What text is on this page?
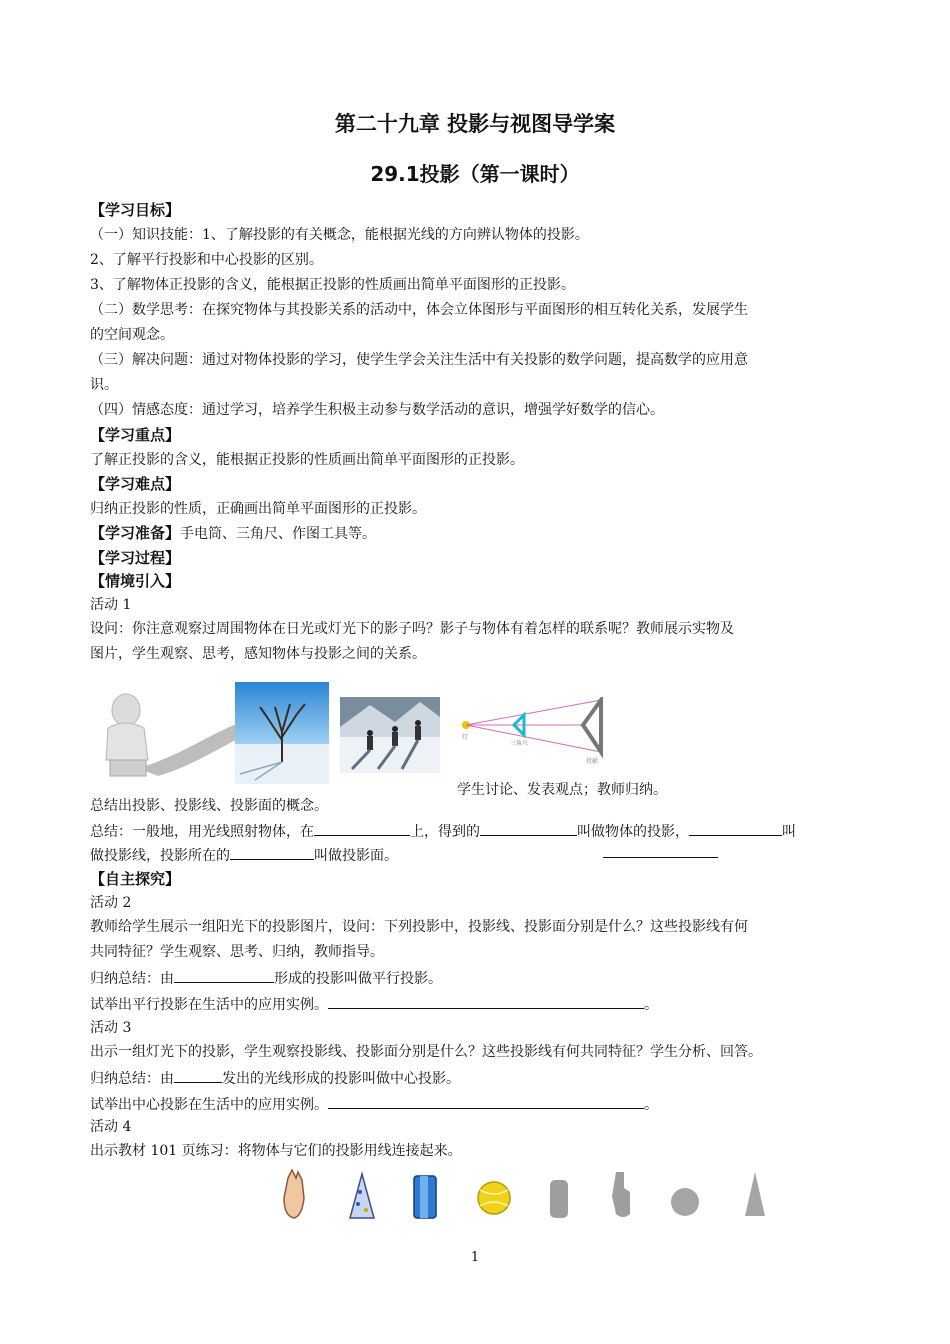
第二十九章 投影与视图导学案
29.1投影（第一课时）
【学习目标】
（一）知识技能：1、了解投影的有关概念，能根据光线的方向辨认物体的投影。
2、了解平行投影和中心投影的区别。
3、了解物体正投影的含义，能根据正投影的性质画出简单平面图形的正投影。
（二）数学思考：在探究物体与其投影关系的活动中，体会立体图形与平面图形的相互转化关系，发展学生
的空间观念。
（三）解决问题：通过对物体投影的学习，使学生学会关注生活中有关投影的数学问题，提高数学的应用意
识。
（四）情感态度：通过学习，培养学生积极主动参与数学活动的意识，增强学好数学的信心。
【学习重点】
了解正投影的含义，能根据正投影的性质画出简单平面图形的正投影。
【学习难点】
归纳正投影的性质，正确画出简单平面图形的正投影。
【学习准备】手电筒、三角尺、作图工具等。
【学习过程】
【情境引入】
活动 1
设问：你注意观察过周围物体在日光或灯光下的影子吗？影子与物体有着怎样的联系呢？教师展示实物及
图片，学生观察、思考，感知物体与投影之间的关系。
灯
三角尺
投影
学生讨论、发表观点；教师归纳。
总结出投影、投影线、投影面的概念。
总结：一般地，用光线照射物体，在	上，得到的	叫做物体的投影，	叫
做投影线，投影所在的	叫做投影面。
【自主探究】
活动 2
教师给学生展示一组阳光下的投影图片，设问：下列投影中，投影线、投影面分别是什么？这些投影线有何
共同特征？学生观察、思考、归纳，教师指导。
归纳总结：由	形成的投影叫做平行投影。
试举出平行投影在生活中的应用实例。	。
活动 3
出示一组灯光下的投影，学生观察投影线、投影面分别是什么？这些投影线有何共同特征？学生分析、回答。
归纳总结：由	发出的光线形成的投影叫做中心投影。
试举出中心投影在生活中的应用实例。	。
活动 4
出示教材 101 页练习：将物体与它们的投影用线连接起来。
1
